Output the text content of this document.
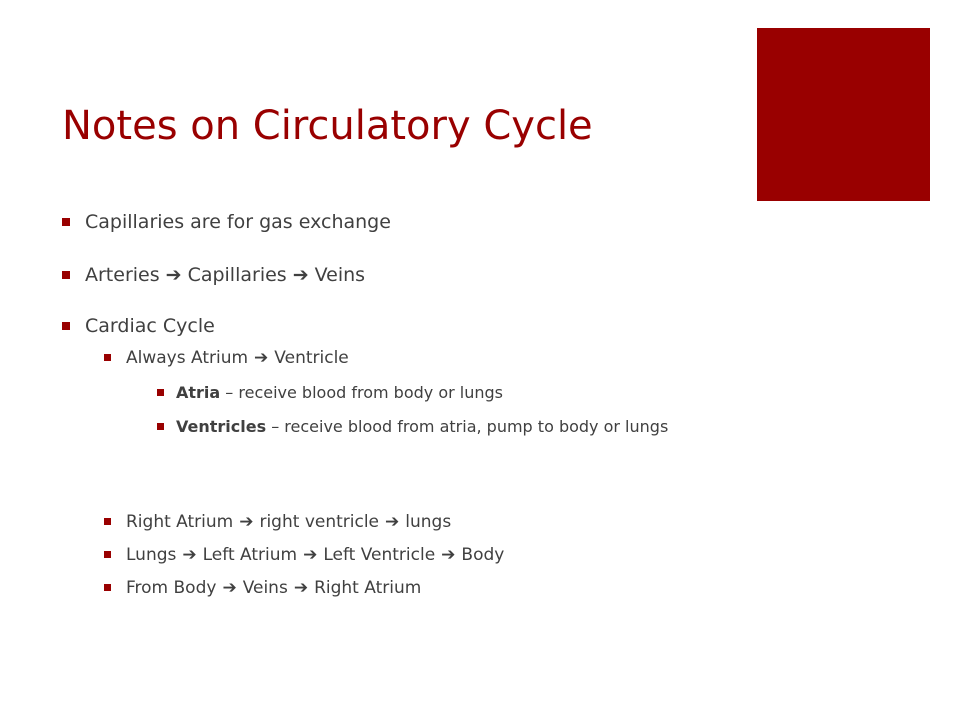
Notes on Circulatory Cycle
Capillaries are for gas exchange
Arteries ➔ Capillaries ➔ Veins
Cardiac Cycle
Always Atrium ➔ Ventricle
Atria – receive blood from body or lungs
Ventricles – receive blood from atria, pump to body or lungs
Right Atrium ➔ right ventricle ➔ lungs
Lungs ➔ Left Atrium ➔ Left Ventricle ➔ Body
From Body ➔ Veins ➔ Right Atrium
